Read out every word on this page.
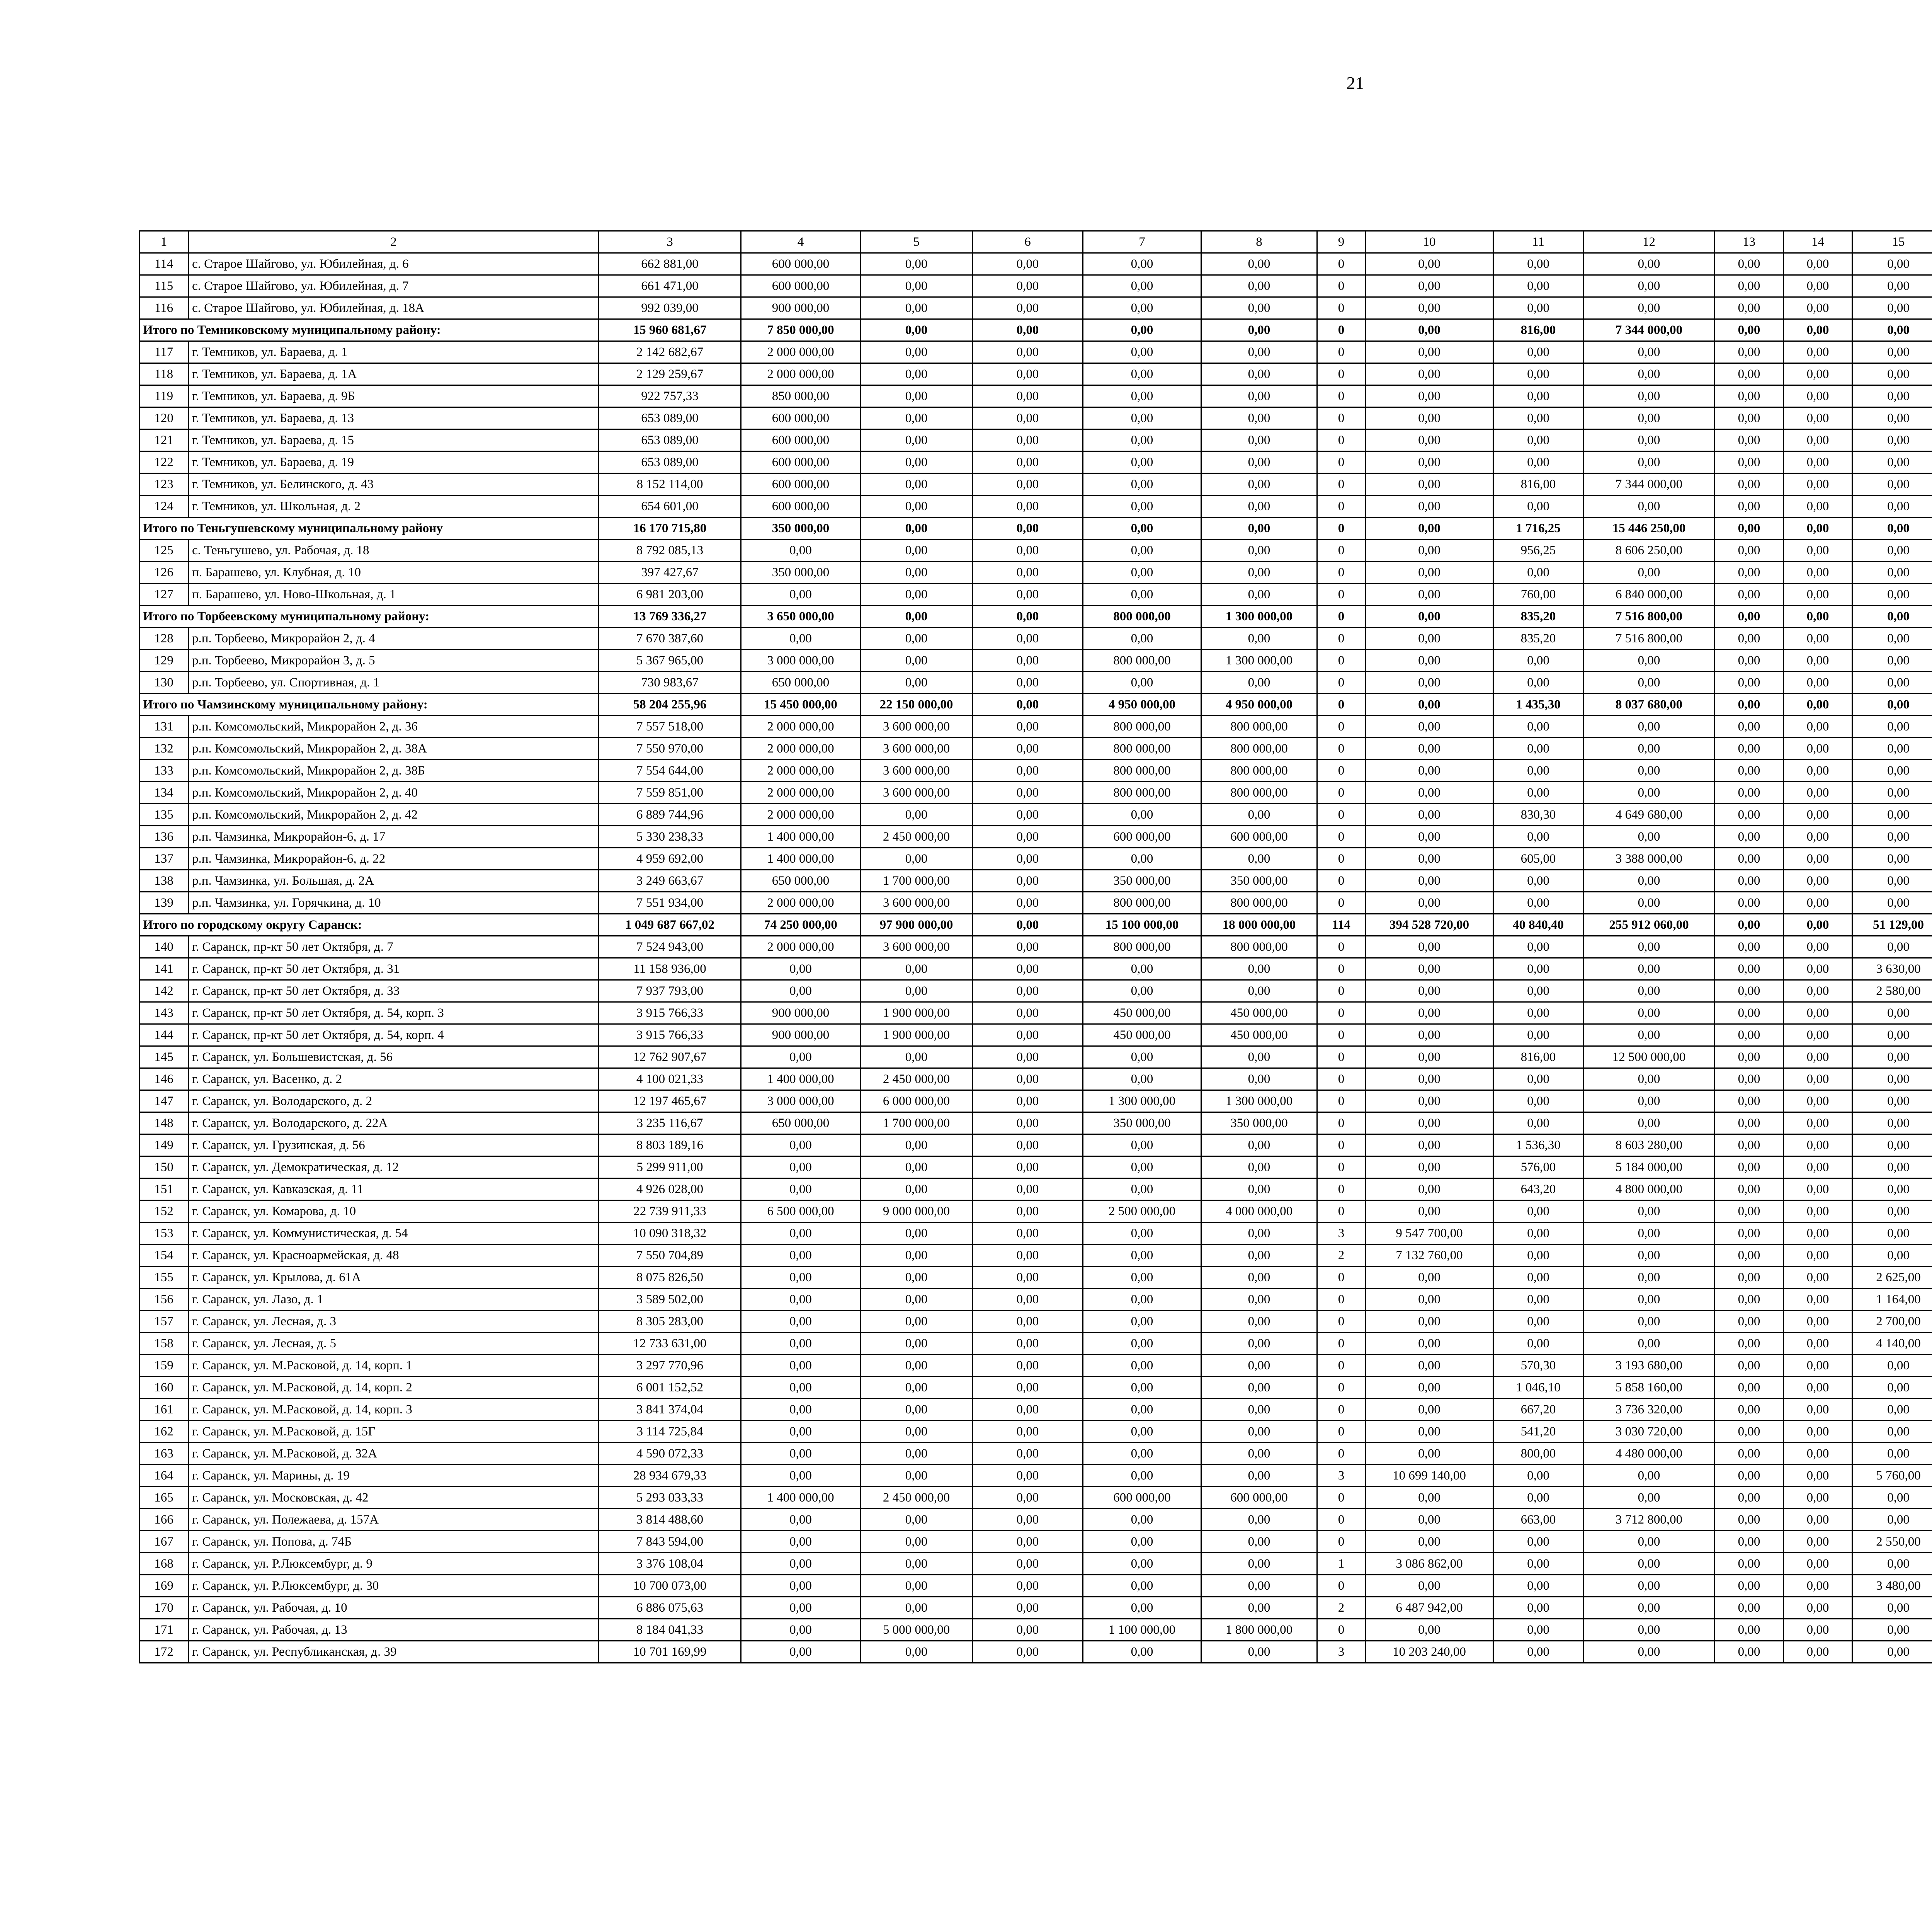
21
1	2	3	4	5	6	7	8	9	10	11	12	13	14	15						
114	с. Старое Шайгово, ул. Юбилейная, д. 6	662 881,00	600 000,00	0,00	0,00	0,00	0,00	0	0,00	0,00	0,00	0,00	0,00	0,00						
115	с. Старое Шайгово, ул. Юбилейная, д. 7	661 471,00	600 000,00	0,00	0,00	0,00	0,00	0	0,00	0,00	0,00	0,00	0,00	0,00						
116	с. Старое Шайгово, ул. Юбилейная, д. 18А	992 039,00	900 000,00	0,00	0,00	0,00	0,00	0	0,00	0,00	0,00	0,00	0,00	0,00						
Итого по Темниковскому муниципальному району:		15 960 681,67	7 850 000,00	0,00	0,00	0,00	0,00	0	0,00	816,00	7 344 000,00	0,00	0,00	0,00						
117	г. Темников, ул. Бараева, д. 1	2 142 682,67	2 000 000,00	0,00	0,00	0,00	0,00	0	0,00	0,00	0,00	0,00	0,00	0,00						
118	г. Темников, ул. Бараева, д. 1А	2 129 259,67	2 000 000,00	0,00	0,00	0,00	0,00	0	0,00	0,00	0,00	0,00	0,00	0,00						
119	г. Темников, ул. Бараева, д. 9Б	922 757,33	850 000,00	0,00	0,00	0,00	0,00	0	0,00	0,00	0,00	0,00	0,00	0,00						
120	г. Темников, ул. Бараева, д. 13	653 089,00	600 000,00	0,00	0,00	0,00	0,00	0	0,00	0,00	0,00	0,00	0,00	0,00						
121	г. Темников, ул. Бараева, д. 15	653 089,00	600 000,00	0,00	0,00	0,00	0,00	0	0,00	0,00	0,00	0,00	0,00	0,00						
122	г. Темников, ул. Бараева, д. 19	653 089,00	600 000,00	0,00	0,00	0,00	0,00	0	0,00	0,00	0,00	0,00	0,00	0,00						
123	г. Темников, ул. Белинского, д. 43	8 152 114,00	600 000,00	0,00	0,00	0,00	0,00	0	0,00	816,00	7 344 000,00	0,00	0,00	0,00						
124	г. Темников, ул. Школьная, д. 2	654 601,00	600 000,00	0,00	0,00	0,00	0,00	0	0,00	0,00	0,00	0,00	0,00	0,00						
Итого по Теньгушевскому муниципальному району		16 170 715,80	350 000,00	0,00	0,00	0,00	0,00	0	0,00	1 716,25	15 446 250,00	0,00	0,00	0,00						
125	с. Теньгушево, ул. Рабочая, д. 18	8 792 085,13	0,00	0,00	0,00	0,00	0,00	0	0,00	956,25	8 606 250,00	0,00	0,00	0,00						
126	п. Барашево, ул. Клубная, д. 10	397 427,67	350 000,00	0,00	0,00	0,00	0,00	0	0,00	0,00	0,00	0,00	0,00	0,00						
127	п. Барашево, ул. Ново-Школьная, д. 1	6 981 203,00	0,00	0,00	0,00	0,00	0,00	0	0,00	760,00	6 840 000,00	0,00	0,00	0,00						
Итого по Торбеевскому муниципальному району:		13 769 336,27	3 650 000,00	0,00	0,00	800 000,00	1 300 000,00	0	0,00	835,20	7 516 800,00	0,00	0,00	0,00						
128	р.п. Торбеево, Микрорайон 2, д. 4	7 670 387,60	0,00	0,00	0,00	0,00	0,00	0	0,00	835,20	7 516 800,00	0,00	0,00	0,00						
129	р.п. Торбеево, Микрорайон 3, д. 5	5 367 965,00	3 000 000,00	0,00	0,00	800 000,00	1 300 000,00	0	0,00	0,00	0,00	0,00	0,00	0,00						
130	р.п. Торбеево, ул. Спортивная, д. 1	730 983,67	650 000,00	0,00	0,00	0,00	0,00	0	0,00	0,00	0,00	0,00	0,00	0,00						
Итого по Чамзинскому муниципальному району:		58 204 255,96	15 450 000,00	22 150 000,00	0,00	4 950 000,00	4 950 000,00	0	0,00	1 435,30	8 037 680,00	0,00	0,00	0,00						
131	р.п. Комсомольский, Микрорайон 2, д. 36	7 557 518,00	2 000 000,00	3 600 000,00	0,00	800 000,00	800 000,00	0	0,00	0,00	0,00	0,00	0,00	0,00						
132	р.п. Комсомольский, Микрорайон 2, д. 38А	7 550 970,00	2 000 000,00	3 600 000,00	0,00	800 000,00	800 000,00	0	0,00	0,00	0,00	0,00	0,00	0,00						
133	р.п. Комсомольский, Микрорайон 2, д. 38Б	7 554 644,00	2 000 000,00	3 600 000,00	0,00	800 000,00	800 000,00	0	0,00	0,00	0,00	0,00	0,00	0,00						
134	р.п. Комсомольский, Микрорайон 2, д. 40	7 559 851,00	2 000 000,00	3 600 000,00	0,00	800 000,00	800 000,00	0	0,00	0,00	0,00	0,00	0,00	0,00						
135	р.п. Комсомольский, Микрорайон 2, д. 42	6 889 744,96	2 000 000,00	0,00	0,00	0,00	0,00	0	0,00	830,30	4 649 680,00	0,00	0,00	0,00						
136	р.п. Чамзинка, Микрорайон-6, д. 17	5 330 238,33	1 400 000,00	2 450 000,00	0,00	600 000,00	600 000,00	0	0,00	0,00	0,00	0,00	0,00	0,00						
137	р.п. Чамзинка, Микрорайон-6, д. 22	4 959 692,00	1 400 000,00	0,00	0,00	0,00	0,00	0	0,00	605,00	3 388 000,00	0,00	0,00	0,00						
138	р.п. Чамзинка, ул. Большая, д. 2А	3 249 663,67	650 000,00	1 700 000,00	0,00	350 000,00	350 000,00	0	0,00	0,00	0,00	0,00	0,00	0,00						
139	р.п. Чамзинка, ул. Горячкина, д. 10	7 551 934,00	2 000 000,00	3 600 000,00	0,00	800 000,00	800 000,00	0	0,00	0,00	0,00	0,00	0,00	0,00						
Итого по городскому округу Саранск:		1 049 687 667,02	74 250 000,00	97 900 000,00	0,00	15 100 000,00	18 000 000,00	114	394 528 720,00	40 840,40	255 912 060,00	0,00	0,00	51 129,00						
140	г. Саранск, пр-кт 50 лет Октября, д. 7	7 524 943,00	2 000 000,00	3 600 000,00	0,00	800 000,00	800 000,00	0	0,00	0,00	0,00	0,00	0,00	0,00						
141	г. Саранск, пр-кт 50 лет Октября, д. 31	11 158 936,00	0,00	0,00	0,00	0,00	0,00	0	0,00	0,00	0,00	0,00	0,00	3 630,00						
142	г. Саранск, пр-кт 50 лет Октября, д. 33	7 937 793,00	0,00	0,00	0,00	0,00	0,00	0	0,00	0,00	0,00	0,00	0,00	2 580,00						
143	г. Саранск, пр-кт 50 лет Октября, д. 54, корп. 3	3 915 766,33	900 000,00	1 900 000,00	0,00	450 000,00	450 000,00	0	0,00	0,00	0,00	0,00	0,00	0,00						
144	г. Саранск, пр-кт 50 лет Октября, д. 54, корп. 4	3 915 766,33	900 000,00	1 900 000,00	0,00	450 000,00	450 000,00	0	0,00	0,00	0,00	0,00	0,00	0,00						
145	г. Саранск, ул. Большевистская, д. 56	12 762 907,67	0,00	0,00	0,00	0,00	0,00	0	0,00	816,00	12 500 000,00	0,00	0,00	0,00						
146	г. Саранск, ул. Васенко, д. 2	4 100 021,33	1 400 000,00	2 450 000,00	0,00	0,00	0,00	0	0,00	0,00	0,00	0,00	0,00	0,00						
147	г. Саранск, ул. Володарского, д. 2	12 197 465,67	3 000 000,00	6 000 000,00	0,00	1 300 000,00	1 300 000,00	0	0,00	0,00	0,00	0,00	0,00	0,00						
148	г. Саранск, ул. Володарского, д. 22А	3 235 116,67	650 000,00	1 700 000,00	0,00	350 000,00	350 000,00	0	0,00	0,00	0,00	0,00	0,00	0,00						
149	г. Саранск, ул. Грузинская, д. 56	8 803 189,16	0,00	0,00	0,00	0,00	0,00	0	0,00	1 536,30	8 603 280,00	0,00	0,00	0,00						
150	г. Саранск, ул. Демократическая, д. 12	5 299 911,00	0,00	0,00	0,00	0,00	0,00	0	0,00	576,00	5 184 000,00	0,00	0,00	0,00						
151	г. Саранск, ул. Кавказская, д. 11	4 926 028,00	0,00	0,00	0,00	0,00	0,00	0	0,00	643,20	4 800 000,00	0,00	0,00	0,00						
152	г. Саранск, ул. Комарова, д. 10	22 739 911,33	6 500 000,00	9 000 000,00	0,00	2 500 000,00	4 000 000,00	0	0,00	0,00	0,00	0,00	0,00	0,00						
153	г. Саранск, ул. Коммунистическая, д. 54	10 090 318,32	0,00	0,00	0,00	0,00	0,00	3	9 547 700,00	0,00	0,00	0,00	0,00	0,00						
154	г. Саранск, ул. Красноармейская, д. 48	7 550 704,89	0,00	0,00	0,00	0,00	0,00	2	7 132 760,00	0,00	0,00	0,00	0,00	0,00						
155	г. Саранск, ул. Крылова, д. 61А	8 075 826,50	0,00	0,00	0,00	0,00	0,00	0	0,00	0,00	0,00	0,00	0,00	2 625,00						
156	г. Саранск, ул. Лазо, д. 1	3 589 502,00	0,00	0,00	0,00	0,00	0,00	0	0,00	0,00	0,00	0,00	0,00	1 164,00						
157	г. Саранск, ул. Лесная, д. 3	8 305 283,00	0,00	0,00	0,00	0,00	0,00	0	0,00	0,00	0,00	0,00	0,00	2 700,00						
158	г. Саранск, ул. Лесная, д. 5	12 733 631,00	0,00	0,00	0,00	0,00	0,00	0	0,00	0,00	0,00	0,00	0,00	4 140,00						
159	г. Саранск, ул. М.Расковой, д. 14, корп. 1	3 297 770,96	0,00	0,00	0,00	0,00	0,00	0	0,00	570,30	3 193 680,00	0,00	0,00	0,00						
160	г. Саранск, ул. М.Расковой, д. 14, корп. 2	6 001 152,52	0,00	0,00	0,00	0,00	0,00	0	0,00	1 046,10	5 858 160,00	0,00	0,00	0,00						
161	г. Саранск, ул. М.Расковой, д. 14, корп. 3	3 841 374,04	0,00	0,00	0,00	0,00	0,00	0	0,00	667,20	3 736 320,00	0,00	0,00	0,00						
162	г. Саранск, ул. М.Расковой, д. 15Г	3 114 725,84	0,00	0,00	0,00	0,00	0,00	0	0,00	541,20	3 030 720,00	0,00	0,00	0,00						
163	г. Саранск, ул. М.Расковой, д. 32А	4 590 072,33	0,00	0,00	0,00	0,00	0,00	0	0,00	800,00	4 480 000,00	0,00	0,00	0,00						
164	г. Саранск, ул. Марины, д. 19	28 934 679,33	0,00	0,00	0,00	0,00	0,00	3	10 699 140,00	0,00	0,00	0,00	0,00	5 760,00						
165	г. Саранск, ул. Московская, д. 42	5 293 033,33	1 400 000,00	2 450 000,00	0,00	600 000,00	600 000,00	0	0,00	0,00	0,00	0,00	0,00	0,00						
166	г. Саранск, ул. Полежаева, д. 157А	3 814 488,60	0,00	0,00	0,00	0,00	0,00	0	0,00	663,00	3 712 800,00	0,00	0,00	0,00						
167	г. Саранск, ул. Попова, д. 74Б	7 843 594,00	0,00	0,00	0,00	0,00	0,00	0	0,00	0,00	0,00	0,00	0,00	2 550,00						
168	г. Саранск, ул. Р.Люксембург, д. 9	3 376 108,04	0,00	0,00	0,00	0,00	0,00	1	3 086 862,00	0,00	0,00	0,00	0,00	0,00						
169	г. Саранск, ул. Р.Люксембург, д. 30	10 700 073,00	0,00	0,00	0,00	0,00	0,00	0	0,00	0,00	0,00	0,00	0,00	3 480,00						
170	г. Саранск, ул. Рабочая, д. 10	6 886 075,63	0,00	0,00	0,00	0,00	0,00	2	6 487 942,00	0,00	0,00	0,00	0,00	0,00						
171	г. Саранск, ул. Рабочая, д. 13	8 184 041,33	0,00	5 000 000,00	0,00	1 100 000,00	1 800 000,00	0	0,00	0,00	0,00	0,00	0,00	0,00						
172	г. Саранск, ул. Республиканская, д. 39	10 701 169,99	0,00	0,00	0,00	0,00	0,00	3	10 203 240,00	0,00	0,00	0,00	0,00	0,00						
